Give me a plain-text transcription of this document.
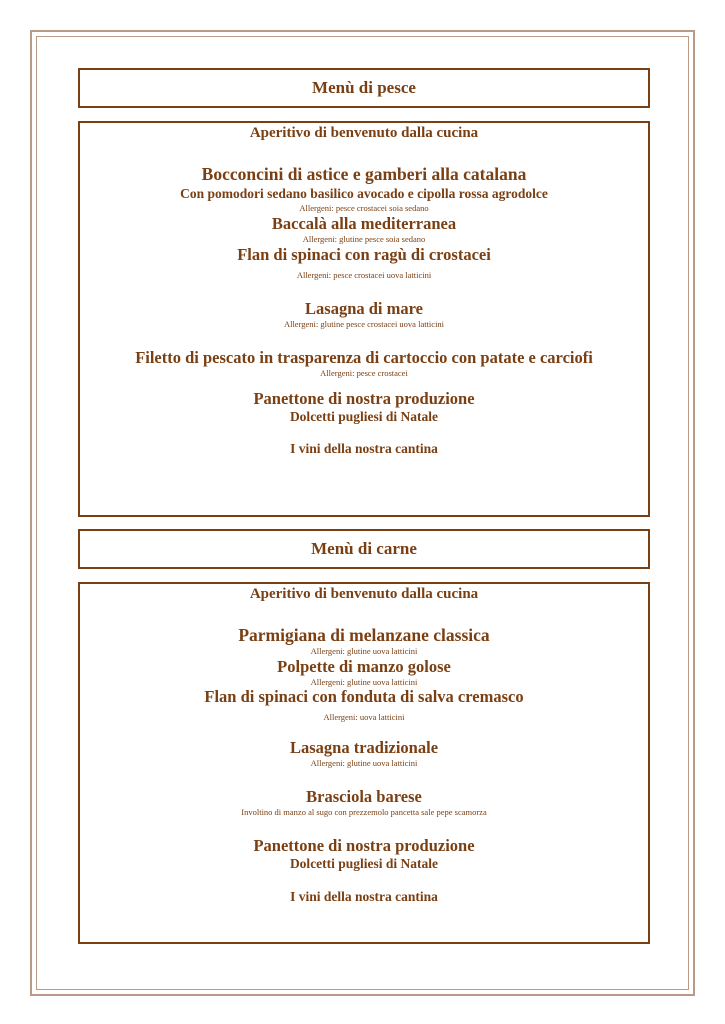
Menù di pesce
Aperitivo di benvenuto dalla cucina
Bocconcini di astice e gamberi alla catalana
Con pomodori sedano basilico avocado e cipolla rossa agrodolce
Allergeni: pesce crostacei soia sedano
Baccalà alla mediterranea
Allergeni: glutine pesce soia sedano
Flan di spinaci con ragù di crostacei
Allergeni: pesce crostacei uova latticini
Lasagna di mare
Allergeni: glutine pesce crostacei uova latticini
Filetto di pescato in trasparenza di cartoccio con patate e carciofi
Allergeni: pesce crostacei
Panettone di nostra produzione
Dolcetti pugliesi di Natale
I vini della nostra cantina
Menù di carne
Aperitivo di benvenuto dalla cucina
Parmigiana di melanzane classica
Allergeni: glutine uova latticini
Polpette di manzo golose
Allergeni: glutine uova latticini
Flan di spinaci con fonduta di salva cremasco
Allergeni: uova latticini
Lasagna tradizionale
Allergeni: glutine uova latticini
Brasciola barese
Involtino di manzo al sugo con prezzemolo pancetta sale pepe scamorza
Panettone di nostra produzione
Dolcetti pugliesi di Natale
I vini della nostra cantina
